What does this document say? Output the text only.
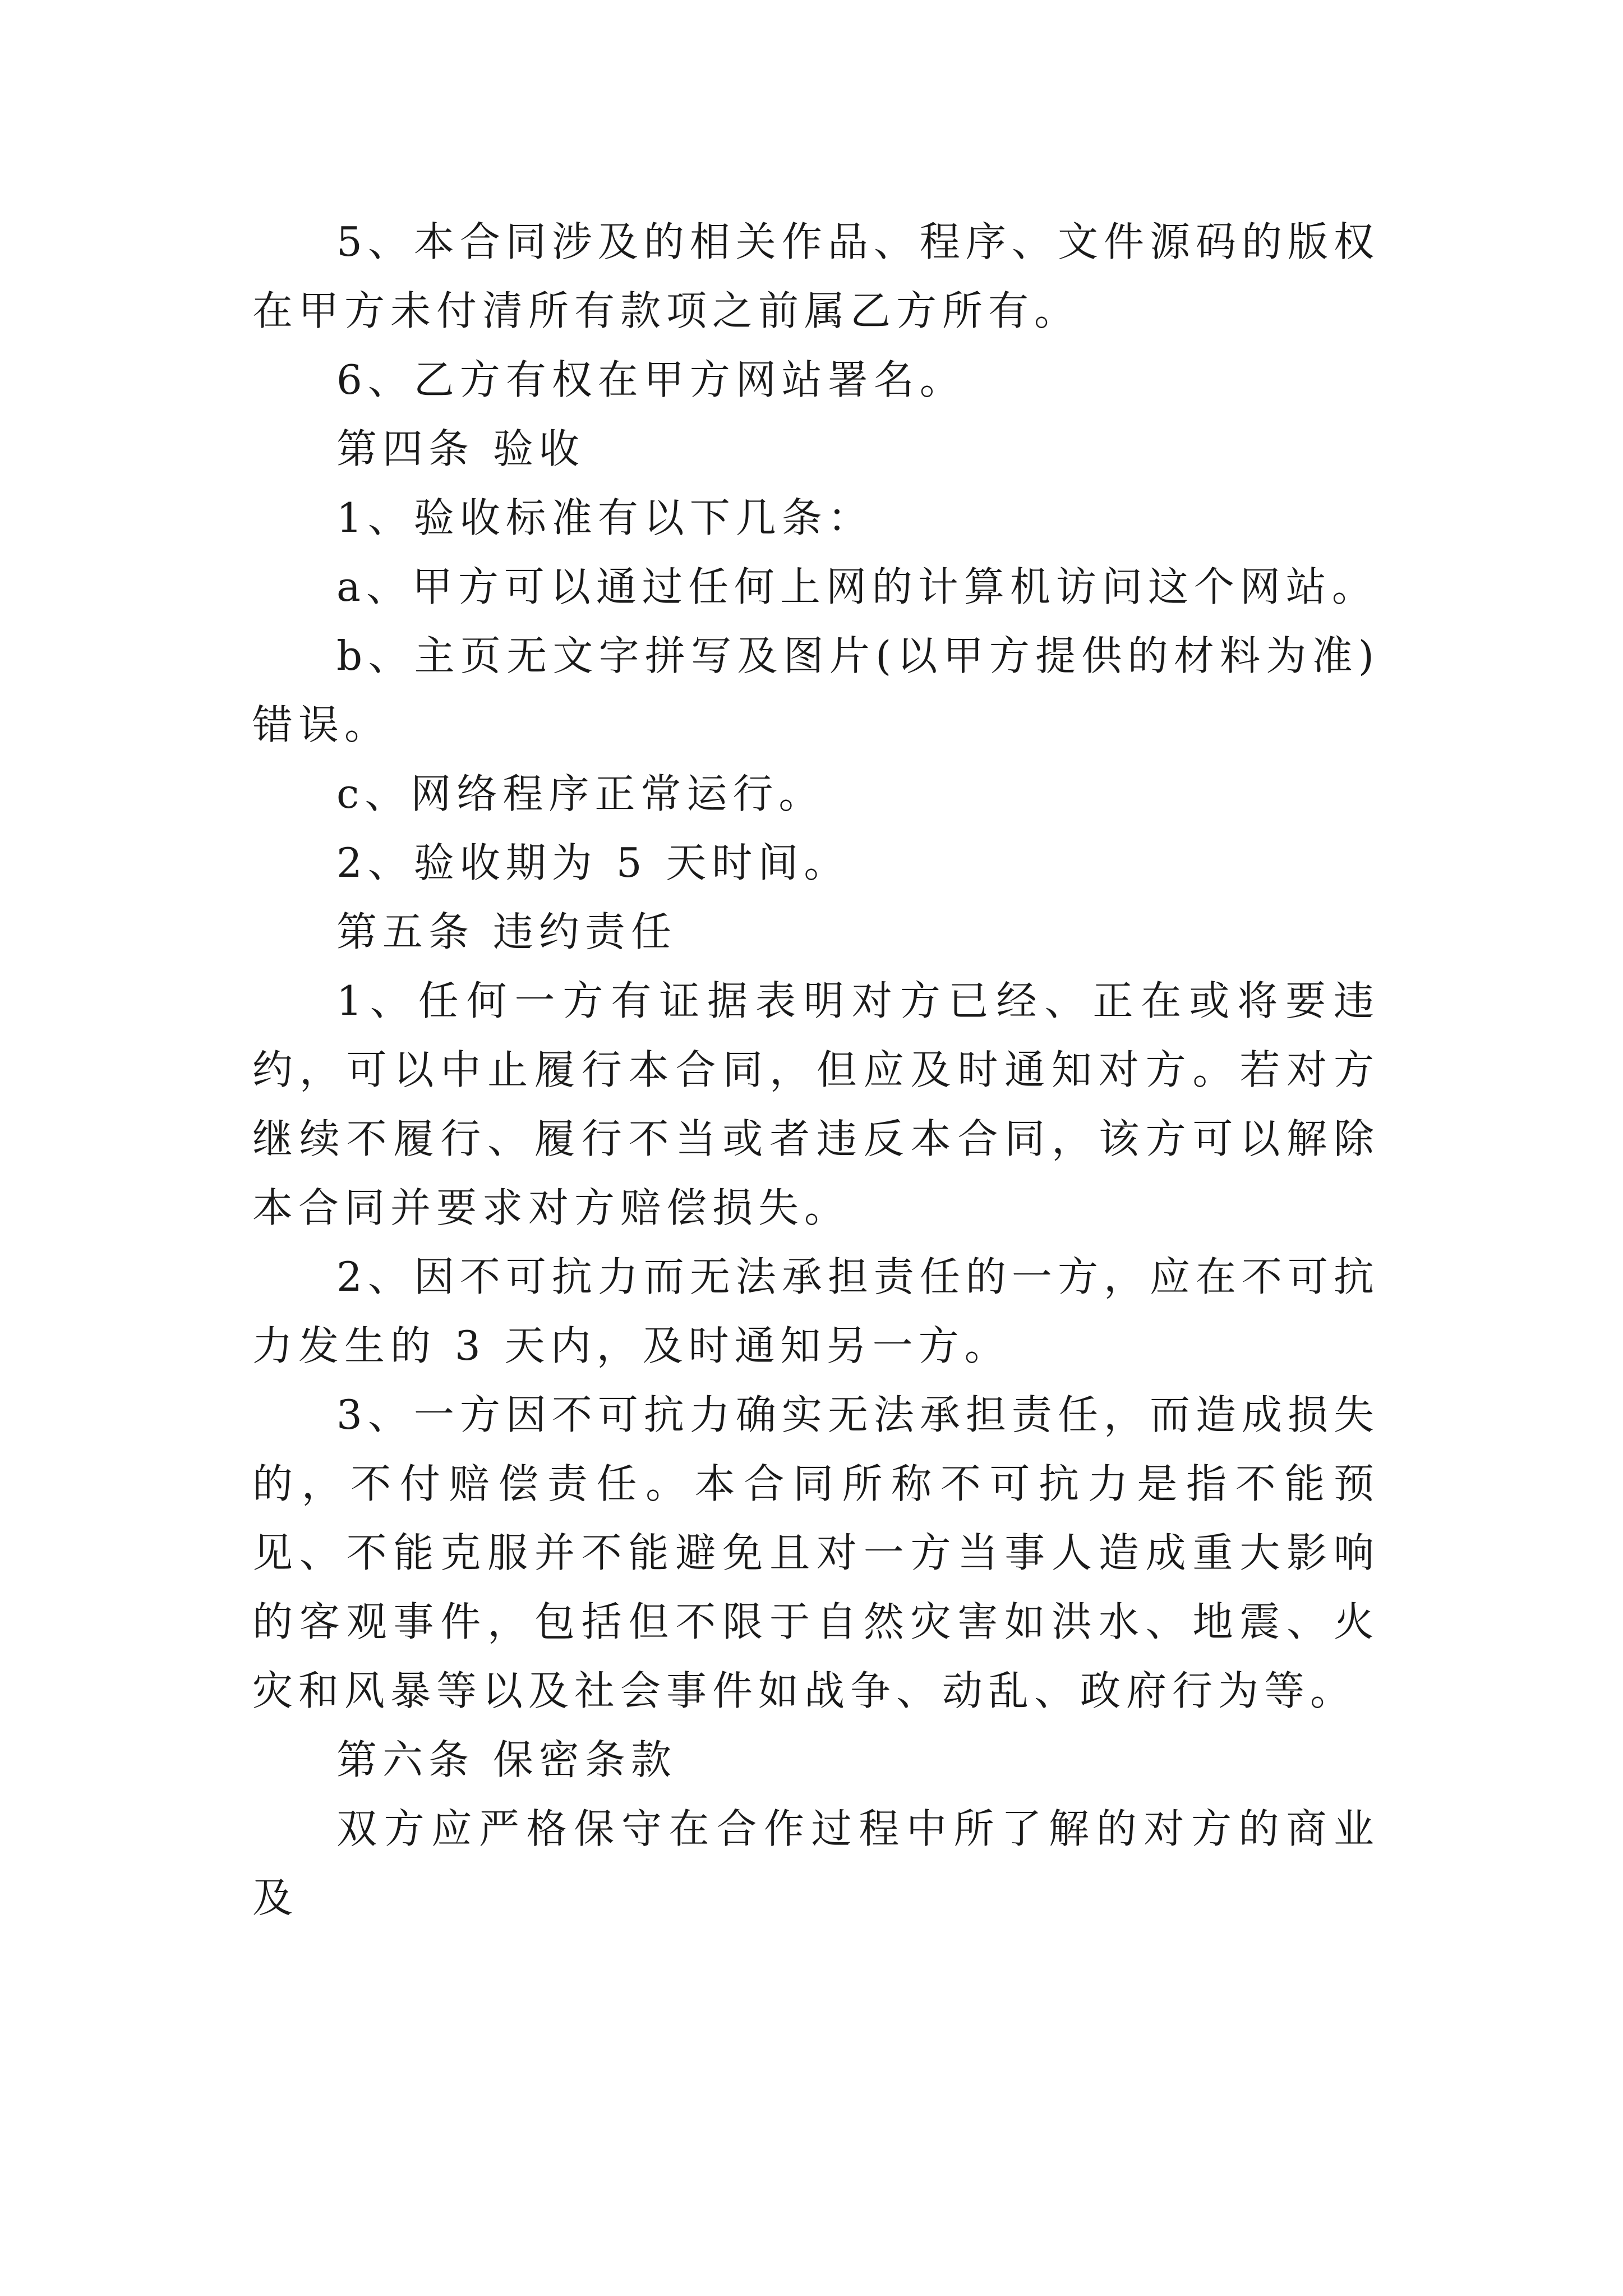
5、本合同涉及的相关作品、程序、文件源码的版权在甲方未付清所有款项之前属乙方所有。

6、乙方有权在甲方网站署名。

第四条 验收

1、验收标准有以下几条：

a、甲方可以通过任何上网的计算机访问这个网站。

b、主页无文字拼写及图片(以甲方提供的材料为准)错误。

c、网络程序正常运行。

2、验收期为 5 天时间。

第五条 违约责任

1、任何一方有证据表明对方已经、正在或将要违约，可以中止履行本合同，但应及时通知对方。若对方继续不履行、履行不当或者违反本合同，该方可以解除本合同并要求对方赔偿损失。

2、因不可抗力而无法承担责任的一方，应在不可抗力发生的 3 天内，及时通知另一方。

3、一方因不可抗力确实无法承担责任，而造成损失的，不付赔偿责任。本合同所称不可抗力是指不能预见、不能克服并不能避免且对一方当事人造成重大影响的客观事件，包括但不限于自然灾害如洪水、地震、火灾和风暴等以及社会事件如战争、动乱、政府行为等。

第六条 保密条款

双方应严格保守在合作过程中所了解的对方的商业及
